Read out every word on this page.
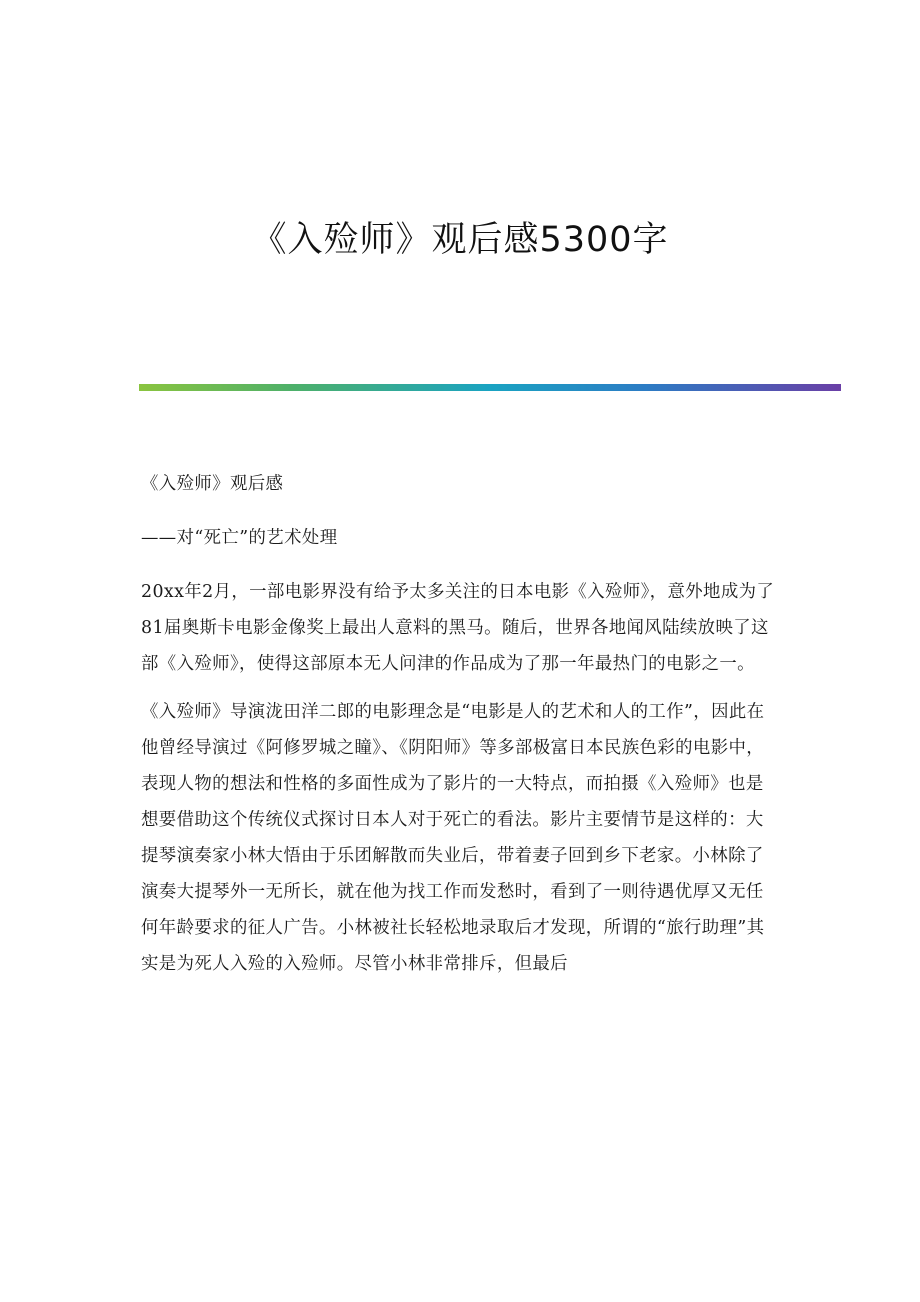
《入殓师》观后感5300字

《入殓师》观后感

——对“死亡”的艺术处理

20xx年2月，一部电影界没有给予太多关注的日本电影《入殓师》，意外地成为了81届奥斯卡电影金像奖上最出人意料的黑马。随后，世界各地闻风陆续放映了这部《入殓师》，使得这部原本无人问津的作品成为了那一年最热门的电影之一。

《入殓师》导演泷田洋二郎的电影理念是“电影是人的艺术和人的工作”，因此在他曾经导演过《阿修罗城之瞳》、《阴阳师》等多部极富日本民族色彩的电影中，表现人物的想法和性格的多面性成为了影片的一大特点，而拍摄《入殓师》也是想要借助这个传统仪式探讨日本人对于死亡的看法。影片主要情节是这样的：大提琴演奏家小林大悟由于乐团解散而失业后，带着妻子回到乡下老家。小林除了演奏大提琴外一无所长，就在他为找工作而发愁时，看到了一则待遇优厚又无任何年龄要求的征人广告。小林被社长轻松地录取后才发现，所谓的“旅行助理”其实是为死人入殓的入殓师。尽管小林非常排斥，但最后
